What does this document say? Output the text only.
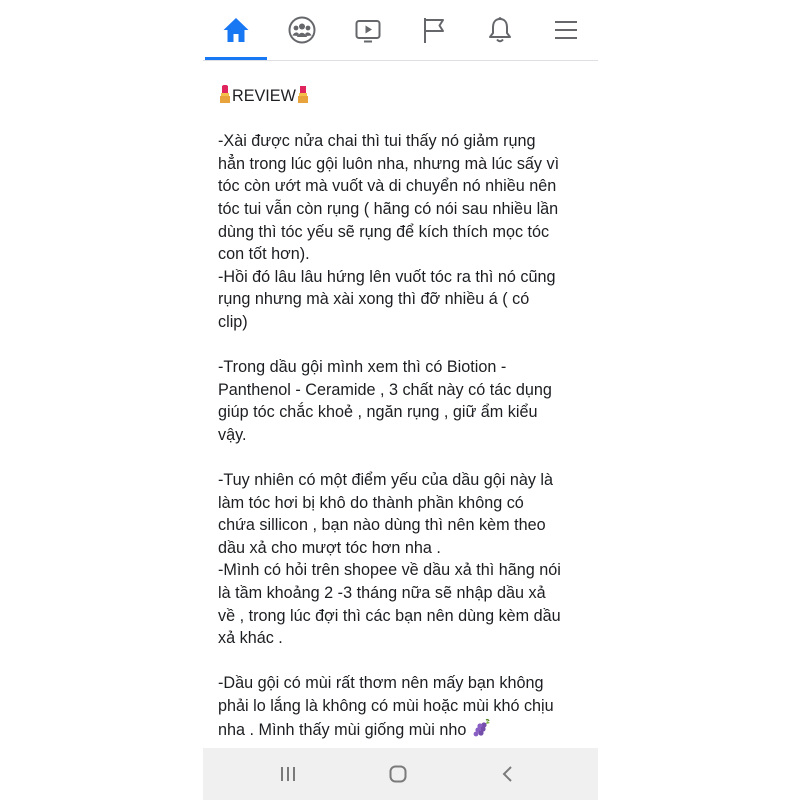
REVIEW
-Xài được nửa chai thì tui thấy nó giảm rụng
hẳn trong lúc gội luôn nha, nhưng mà lúc sấy vì
tóc còn ướt mà vuốt và di chuyển nó nhiều nên
tóc tui vẫn còn rụng ( hãng có nói sau nhiều lần
dùng thì tóc yếu sẽ rụng để kích thích mọc tóc
con tốt hơn).
-Hồi đó lâu lâu hứng lên vuốt tóc ra thì nó cũng
rụng nhưng mà xài xong thì đỡ nhiều á ( có
clip)
-Trong dầu gội mình xem thì có Biotion -
Panthenol - Ceramide , 3 chất này có tác dụng
giúp tóc chắc khoẻ , ngăn rụng , giữ ẩm kiểu
vậy.
-Tuy nhiên có một điểm yếu của dầu gội này là
làm tóc hơi bị khô do thành phần không có
chứa sillicon , bạn nào dùng thì nên kèm theo
dầu xả cho mượt tóc hơn nha .
-Mình có hỏi trên shopee về dầu xả thì hãng nói
là tầm khoảng 2 -3 tháng nữa sẽ nhập dầu xả
về , trong lúc đợi thì các bạn nên dùng kèm dầu
xả khác .
-Dầu gội có mùi rất thơm nên mấy bạn không
phải lo lắng là không có mùi hoặc mùi khó chịu
nha . Mình thấy mùi giống mùi nho
